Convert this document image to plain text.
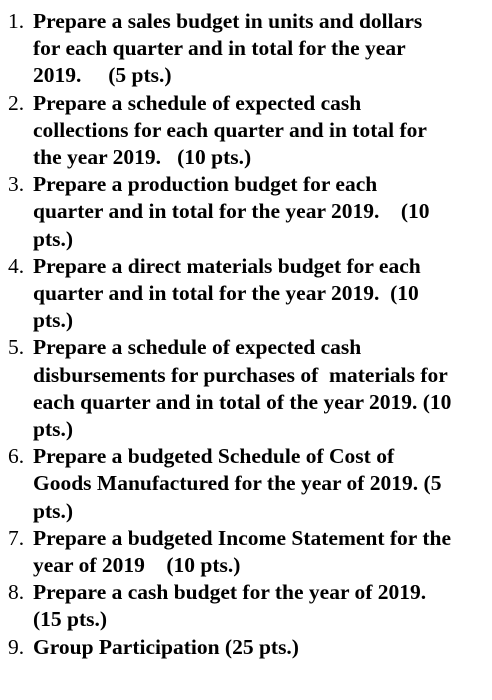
1. Prepare a sales budget in units and dollars
for each quarter and in total for the year
2019.     (5 pts.)
2. Prepare a schedule of expected cash
collections for each quarter and in total for
the year 2019.   (10 pts.)
3. Prepare a production budget for each
quarter and in total for the year 2019.    (10
pts.)
4. Prepare a direct materials budget for each
quarter and in total for the year 2019.  (10
pts.)
5. Prepare a schedule of expected cash
disbursements for purchases of  materials for
each quarter and in total of the year 2019. (10
pts.)
6. Prepare a budgeted Schedule of Cost of
Goods Manufactured for the year of 2019. (5
pts.)
7. Prepare a budgeted Income Statement for the
year of 2019    (10 pts.)
8. Prepare a cash budget for the year of 2019.
(15 pts.)
9. Group Participation (25 pts.)
